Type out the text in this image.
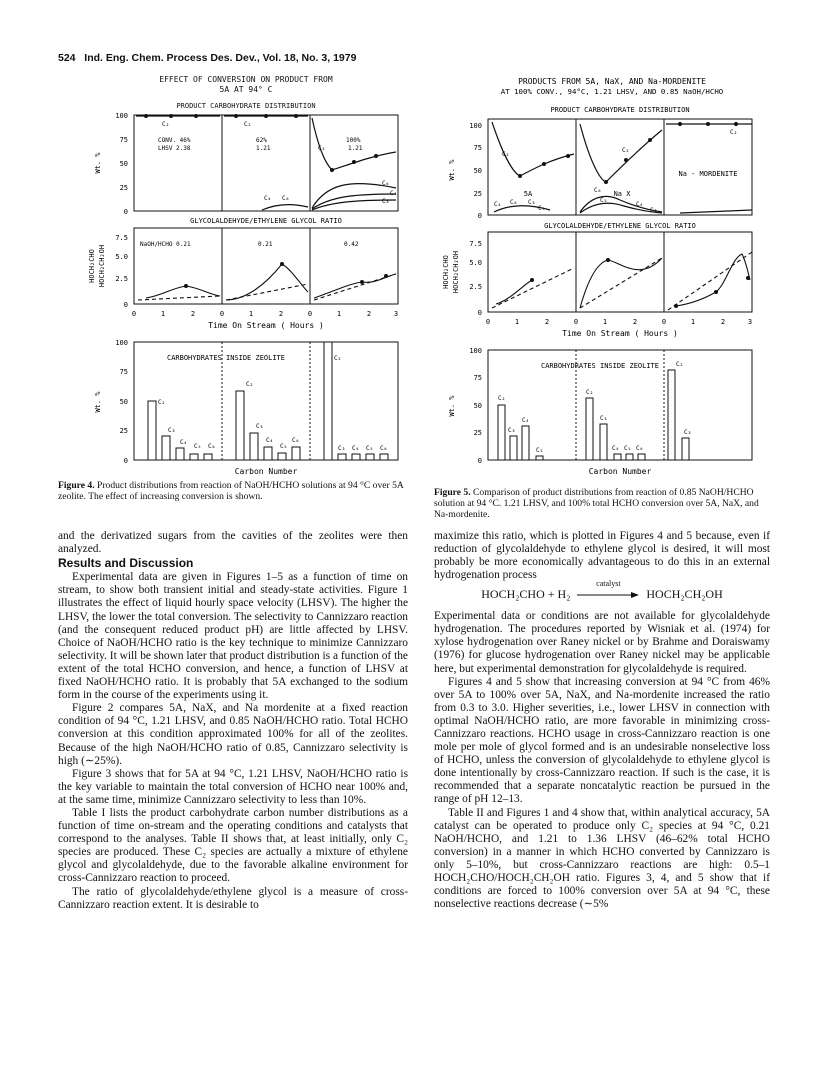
524 Ind. Eng. Chem. Process Des. Dev., Vol. 18, No. 3, 1979
EFFECT OF CONVERSION ON PRODUCT FROM
5A AT 94° C
PRODUCT CARBOHYDRATE DISTRIBUTION
100
75
50
25
0
Wt. %
CONV. 46%
LHSV 2.38
62%
1.21
100%
1.21
C₂	C₂
C₂
C₄ C₆
C₆
C₄
C₃
GLYCOLALDEHYDE/ETHYLENE GLYCOL RATIO
7.5
5.0
2.5
0
HOCH₂CHO HOCH₂CH₂OH
NaOH/HCHO 0.21	0.21	0.42
0	1	2	0	1	2	0	1	2	3
Time On Stream ( Hours )
CARBOHYDRATES INSIDE ZEOLITE
100
75
50
25
0
Wt. %	C₂
C₃
C₄
C₅ C₆
C₂
C₃
C₄
C₅
C₆
C₂
C₃ C₄ C₅ C₆
Carbon Number
Figure 4. Product distributions from reaction of NaOH/HCHO solutions at 94 °C over 5A zeolite. The effect of increasing conversion is shown.
PRODUCTS FROM 5A, NaX, AND Na-MORDENITE
AT 100% CONV., 94°C, 1.21 LHSV, AND 0.85 NaOH/HCHO
PRODUCT CARBOHYDRATE DISTRIBUTION
100
75
50
25
0
Wt. %
5A	Na X
Na - MORDENITE
C₂
C₂
C₂
C₄ C₆ C₃
C₅
C₆
C₅
C₄
C₃
GLYCOLALDEHYDE/ETHYLENE GLYCOL RATIO
7.5
5.0
2.5
0
HOCH₂CHO HOCH₂CH₂OH
0	1	2	0	1	2	0	1	2	3
Time On Stream ( Hours )
CARBOHYDRATES INSIDE ZEOLITE
100
75
50
25
0
Wt. %	C₂
C₃
C₄
C₅
C₂
C₃
C₄ C₅ C₆
C₂
C₃
Carbon Number
Figure 5. Comparison of product distributions from reaction of 0.85 NaOH/HCHO solution at 94 °C. 1.21 LHSV, and 100% total HCHO conversion over 5A, NaX, and Na-mordenite.

and the derivatized sugars from the cavities of the zeolites were then analyzed.

Results and Discussion

Experimental data are given in Figures 1–5 as a function of time on stream, to show both transient initial and steady-state activities. Figure 1 illustrates the effect of liquid hourly space velocity (LHSV). The higher the LHSV, the lower the total conversion. The selectivity to Cannizzaro reaction (and the consequent reduced product pH) are little affected by LHSV. Choice of NaOH/HCHO ratio is the key technique to minimize Cannizzaro selectivity. It will be shown later that product distribution is a function of the extent of the total HCHO conversion, and hence, a function of LHSV at fixed NaOH/HCHO ratio. It is probably that 5A exchanged to the sodium form in the course of the experiments using it.

Figure 2 compares 5A, NaX, and Na mordenite at a fixed reaction condition of 94 °C, 1.21 LHSV, and 0.85 NaOH/HCHO ratio. Total HCHO conversion at this condition approximated 100% for all of the zeolites. Because of the high NaOH/HCHO ratio of 0.85, Cannizzaro selectivity is high (∼25%).

Figure 3 shows that for 5A at 94 °C, 1.21 LHSV, NaOH/HCHO ratio is the key variable to maintain the total conversion of HCHO near 100% and, at the same time, minimize Cannizzaro selectivity to less than 10%.

Table I lists the product carbohydrate carbon number distributions as a function of time on-stream and the operating conditions and catalysts that correspond to the analyses. Table II shows that, at least initially, only C₂ species are produced. These C₂ species are actually a mixture of ethylene glycol and glycolaldehyde, due to the favorable alkaline environment for cross-Cannizzaro reaction to proceed.

The ratio of glycolaldehyde/ethylene glycol is a measure of cross-Cannizzaro reaction extent. It is desirable to

maximize this ratio, which is plotted in Figures 4 and 5 because, even if reduction of glycolaldehyde to ethylene glycol is desired, it will most probably be more economically advantageous to do this in an external hydrogenation process

HOCH₂CHO + H₂
catalyst
HOCH₂CH₂OH

Experimental data or conditions are not available for glycolaldehyde hydrogenation. The procedures reported by Wisniak et al. (1974) for xylose hydrogenation over Raney nickel or by Brahme and Doraiswamy (1976) for glucose hydrogenation over Raney nickel may be applicable here, but experimental demonstration for glycolaldehyde is required.

Figures 4 and 5 show that increasing conversion at 94 °C from 46% over 5A to 100% over 5A, NaX, and Na-mordenite increased the ratio from 0.3 to 3.0. Higher severities, i.e., lower LHSV in connection with optimal NaOH/HCHO ratio, are more favorable in minimizing cross-Cannizzaro reactions. HCHO usage in cross-Cannizzaro reaction is one mole per mole of glycol formed and is an undesirable nonselective loss of HCHO, unless the conversion of glycolaldehyde to ethylene glycol is done intentionally by cross-Cannizzaro reaction. If such is the case, it is recommended that a separate noncatalytic reaction be pursued in the range of pH 12–13.

Table II and Figures 1 and 4 show that, within analytical accuracy, 5A catalyst can be operated to produce only C₂ species at 94 °C, 0.21 NaOH/HCHO, and 1.21 to 1.36 LHSV (46–62% total HCHO conversion) in a manner in which HCHO converted by Cannizzaro is only 5–10%, but cross-Cannizzaro reactions are high: 0.5–1 HOCH₂CHO/HOCH₂CH₂OH ratio. Figures 3, 4, and 5 show that if conditions are forced to 100% conversion over 5A at 94 °C, these nonselective reactions decrease (∼5%
